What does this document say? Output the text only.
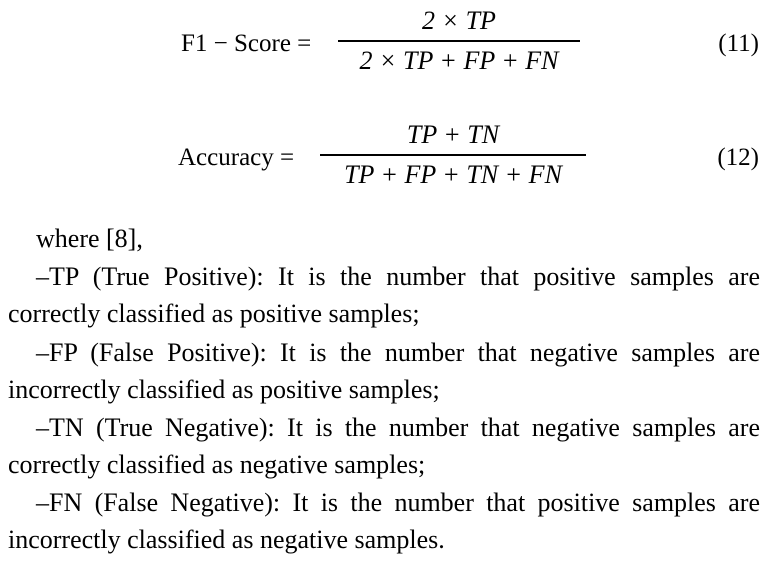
F1 − Score =
2 × TP
2 × TP + FP + FN
(11)
Accuracy =
TP + TN
TP + FP + TN + FN
(12)
where [8],
–TP (True Positive): It is the number that positive samples are correctly classified as positive samples;
–FP (False Positive): It is the number that negative samples are incorrectly classified as positive samples;
–TN (True Negative): It is the number that negative samples are correctly classified as negative samples;
–FN (False Negative): It is the number that positive samples are incorrectly classified as negative samples.
